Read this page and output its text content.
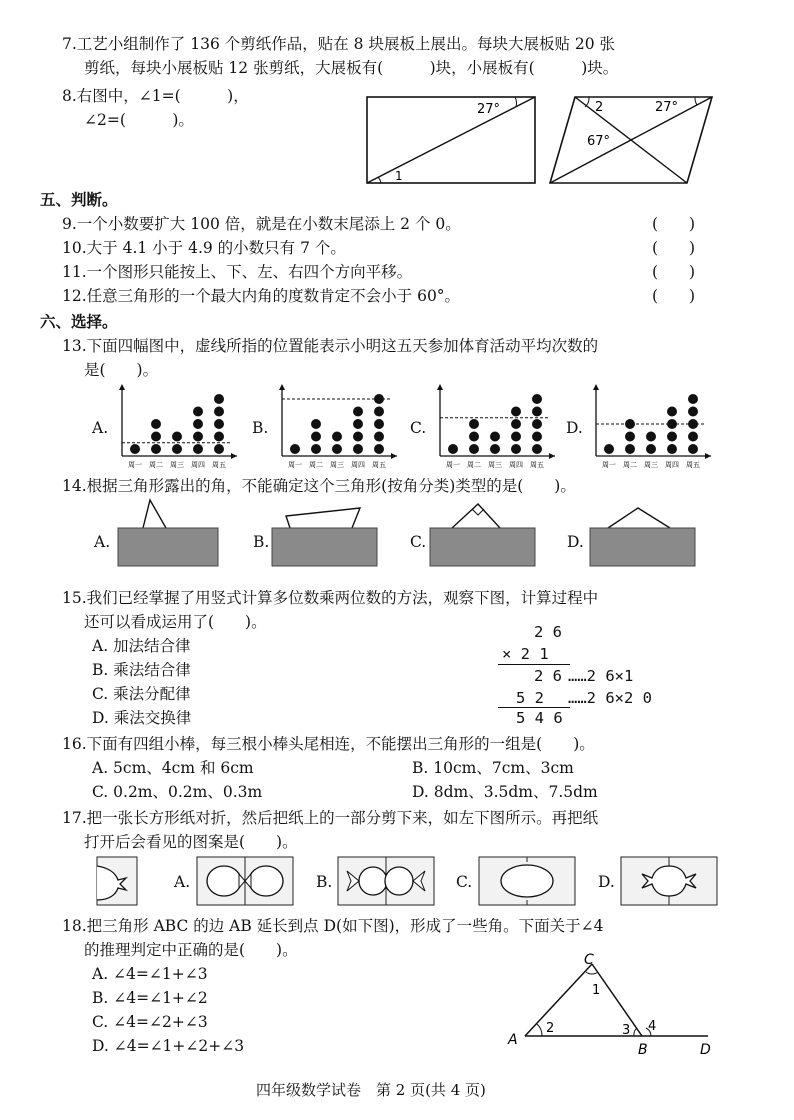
7.工艺小组制作了 136 个剪纸作品，贴在 8 块展板上展出。每块大展板贴 20 张
剪纸，每块小展板贴 12 张剪纸，大展板有(　　　)块，小展板有(　　　)块。
8.右图中，∠1=(　　　)，
∠2=(　　　)。
27°
1
2	27°
67°
五、判断。
9.一个小数要扩大 100 倍，就是在小数末尾添上 2 个 0。	(　　)
10.大于 4.1 小于 4.9 的小数只有 7 个。	(　　)
11.一个图形只能按上、下、左、右四个方向平移。	(　　)
12.任意三角形的一个最大内角的度数肯定不会小于 60°。	(　　)
六、选择。
13.下面四幅图中，虚线所指的位置能表示小明这五天参加体育活动平均次数的
是(　　)。
A.
周一 周二 周三 周四 周五
B.
周一 周二 周三 周四 周五
C.
周一 周二 周三 周四 周五
D.
周一 周二 周三 周四 周五
14.根据三角形露出的角，不能确定这个三角形(按角分类)类型的是(　　)。
A.	B.	C.	D.
15.我们已经掌握了用竖式计算多位数乘两位数的方法，观察下图，计算过程中
还可以看成运用了(　　)。
A. 加法结合律
B. 乘法结合律
C. 乘法分配律
D. 乘法交换律
2 6
× 2 1
2 6 ……2 6×1
5 2 ……2 6×2 0
5 4 6
16.下面有四组小棒，每三根小棒头尾相连，不能摆出三角形的一组是(　　)。
A. 5cm、4cm 和 6cm	B. 10cm、7cm、3cm
C. 0.2m、0.2m、0.3m	D. 8dm、3.5dm、7.5dm
17.把一张长方形纸对折，然后把纸上的一部分剪下来，如左下图所示。再把纸
打开后会看见的图案是(　　)。
A.	B.	C.	D.
18.把三角形 ABC 的边 AB 延长到点 D(如下图)，形成了一些角。下面关于∠4
的推理判定中正确的是(　　)。
A. ∠4=∠1+∠3
B. ∠4=∠1+∠2
C. ∠4=∠2+∠3
D. ∠4=∠1+∠2+∠3
C
A
B	D
1
2	3 4
四年级数学试卷　第 2 页(共 4 页)
